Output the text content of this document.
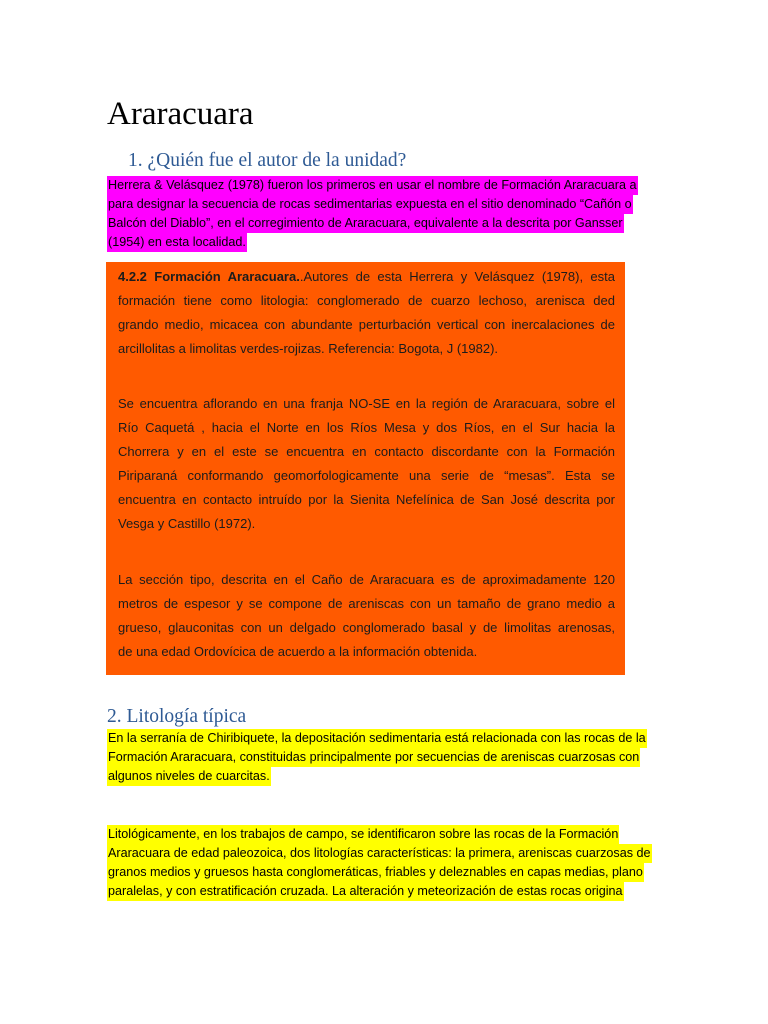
Araracuara
1. ¿Quién fue el autor de la unidad?
Herrera & Velásquez (1978) fueron los primeros en usar el nombre de Formación Araracuara a
para designar la secuencia de rocas sedimentarias expuesta en el sitio denominado “Cañón o
Balcón del Diablo”, en el corregimiento de Araracuara, equivalente a la descrita por Gansser
(1954) en esta localidad.
4.2.2 Formación Araracuara..Autores de esta Herrera y Velásquez (1978), esta
formación tiene como litologia: conglomerado de cuarzo lechoso, arenisca ded
grando medio, micacea con abundante perturbación vertical con inercalaciones de
arcillolitas a limolitas verdes-rojizas. Referencia: Bogota, J (1982).
Se encuentra aflorando en una franja NO-SE en la región de Araracuara, sobre el
Río Caquetá , hacia el Norte en los Ríos Mesa y dos Ríos, en el Sur hacia la
Chorrera y en el este se encuentra en contacto discordante con la Formación
Piriparaná conformando geomorfologicamente una serie de “mesas”. Esta se
encuentra en contacto intruído por la Sienita Nefelínica de San José descrita por
Vesga y Castillo (1972).
La sección tipo, descrita en el Caño de Araracuara es de aproximadamente 120
metros de espesor y se compone de areniscas con un tamaño de grano medio a
grueso, glauconitas con un delgado conglomerado basal y de limolitas arenosas,
de una edad Ordovícica de acuerdo a la información obtenida.
2. Litología típica
En la serranía de Chiribiquete, la depositación sedimentaria está relacionada con las rocas de la
Formación Araracuara, constituidas principalmente por secuencias de areniscas cuarzosas con
algunos niveles de cuarcitas.
Litológicamente, en los trabajos de campo, se identificaron sobre las rocas de la Formación
Araracuara de edad paleozoica, dos litologías características: la primera, areniscas cuarzosas de
granos medios y gruesos hasta conglomeráticas, friables y deleznables en capas medias, plano
paralelas, y con estratificación cruzada. La alteración y meteorización de estas rocas origina
